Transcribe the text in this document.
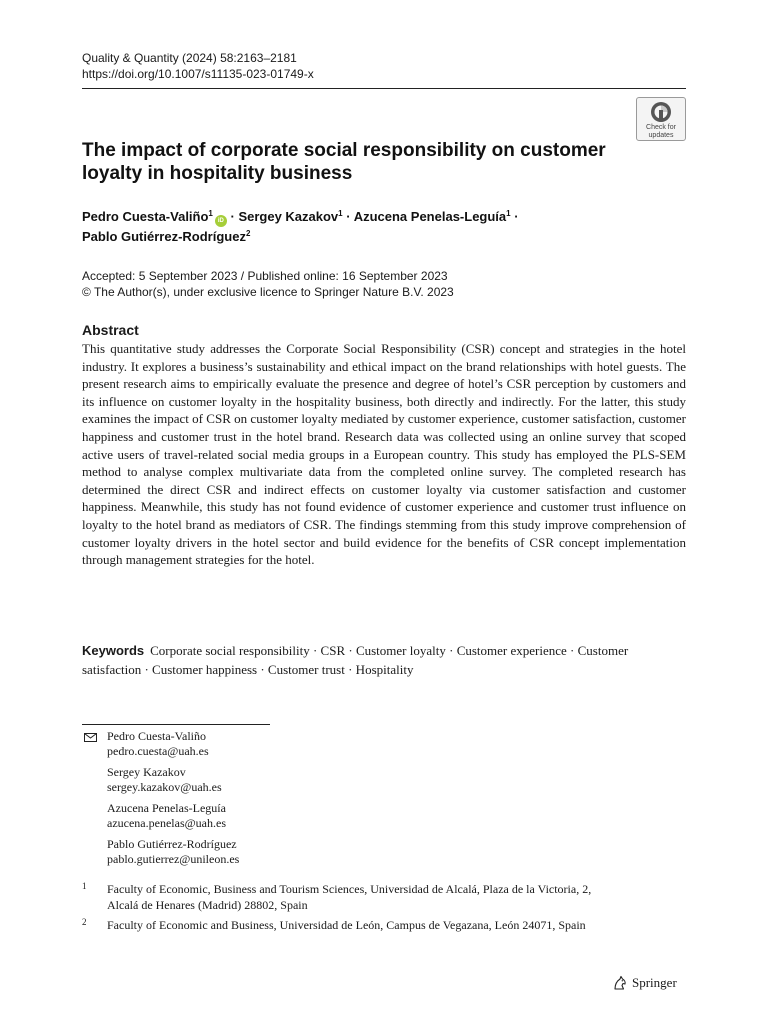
Quality & Quantity (2024) 58:2163–2181
https://doi.org/10.1007/s11135-023-01749-x
Check for
updates
The impact of corporate social responsibility on customer loyalty in hospitality business
Pedro Cuesta-Valiño$^1$iD · Sergey Kazakov$^1$ · Azucena Penelas-Leguía$^1$ ·
Pablo Gutiérrez-Rodríguez$^2$
Accepted: 5 September 2023 / Published online: 16 September 2023
© The Author(s), under exclusive licence to Springer Nature B.V. 2023
Abstract

This quantitative study addresses the Corporate Social Responsibility (CSR) concept and strategies in the hotel industry. It explores a business’s sustainability and ethical impact on the brand relationships with hotel guests. The present research aims to empirically evaluate the presence and degree of hotel’s CSR perception by customers and its influence on customer loyalty in the hospitality business, both directly and indirectly. For the latter, this study examines the impact of CSR on customer loyalty mediated by customer experience, customer satisfaction, customer happiness and customer trust in the hotel brand. Research data was collected using an online survey that scoped active users of travel-related social media groups in a European country. This study has employed the PLS-SEM method to analyse complex multivariate data from the completed online survey. The completed research has determined the direct CSR and indirect effects on customer loyalty via customer satisfaction and customer happiness. Meanwhile, this study has not found evidence of customer experience and customer trust influence on loyalty to the hotel brand as mediators of CSR. The findings stemming from this study improve comprehension of customer loyalty drivers in the hotel sector and build evidence for the benefits of CSR concept implementation through management strategies for the hotel.

Keywords Corporate social responsibility · CSR · Customer loyalty · Customer experience · Customer satisfaction · Customer happiness · Customer trust · Hospitality
Pedro Cuesta-Valiño
pedro.cuesta@uah.es
Sergey Kazakov
sergey.kazakov@uah.es
Azucena Penelas-Leguía
azucena.penelas@uah.es
Pablo Gutiérrez-Rodríguez
pablo.gutierrez@unileon.es
1 Faculty of Economic, Business and Tourism Sciences, Universidad de Alcalá, Plaza de la Victoria, 2, Alcalá de Henares (Madrid) 28802, Spain
2 Faculty of Economic and Business, Universidad de León, Campus de Vegazana, León 24071, Spain
Springer
